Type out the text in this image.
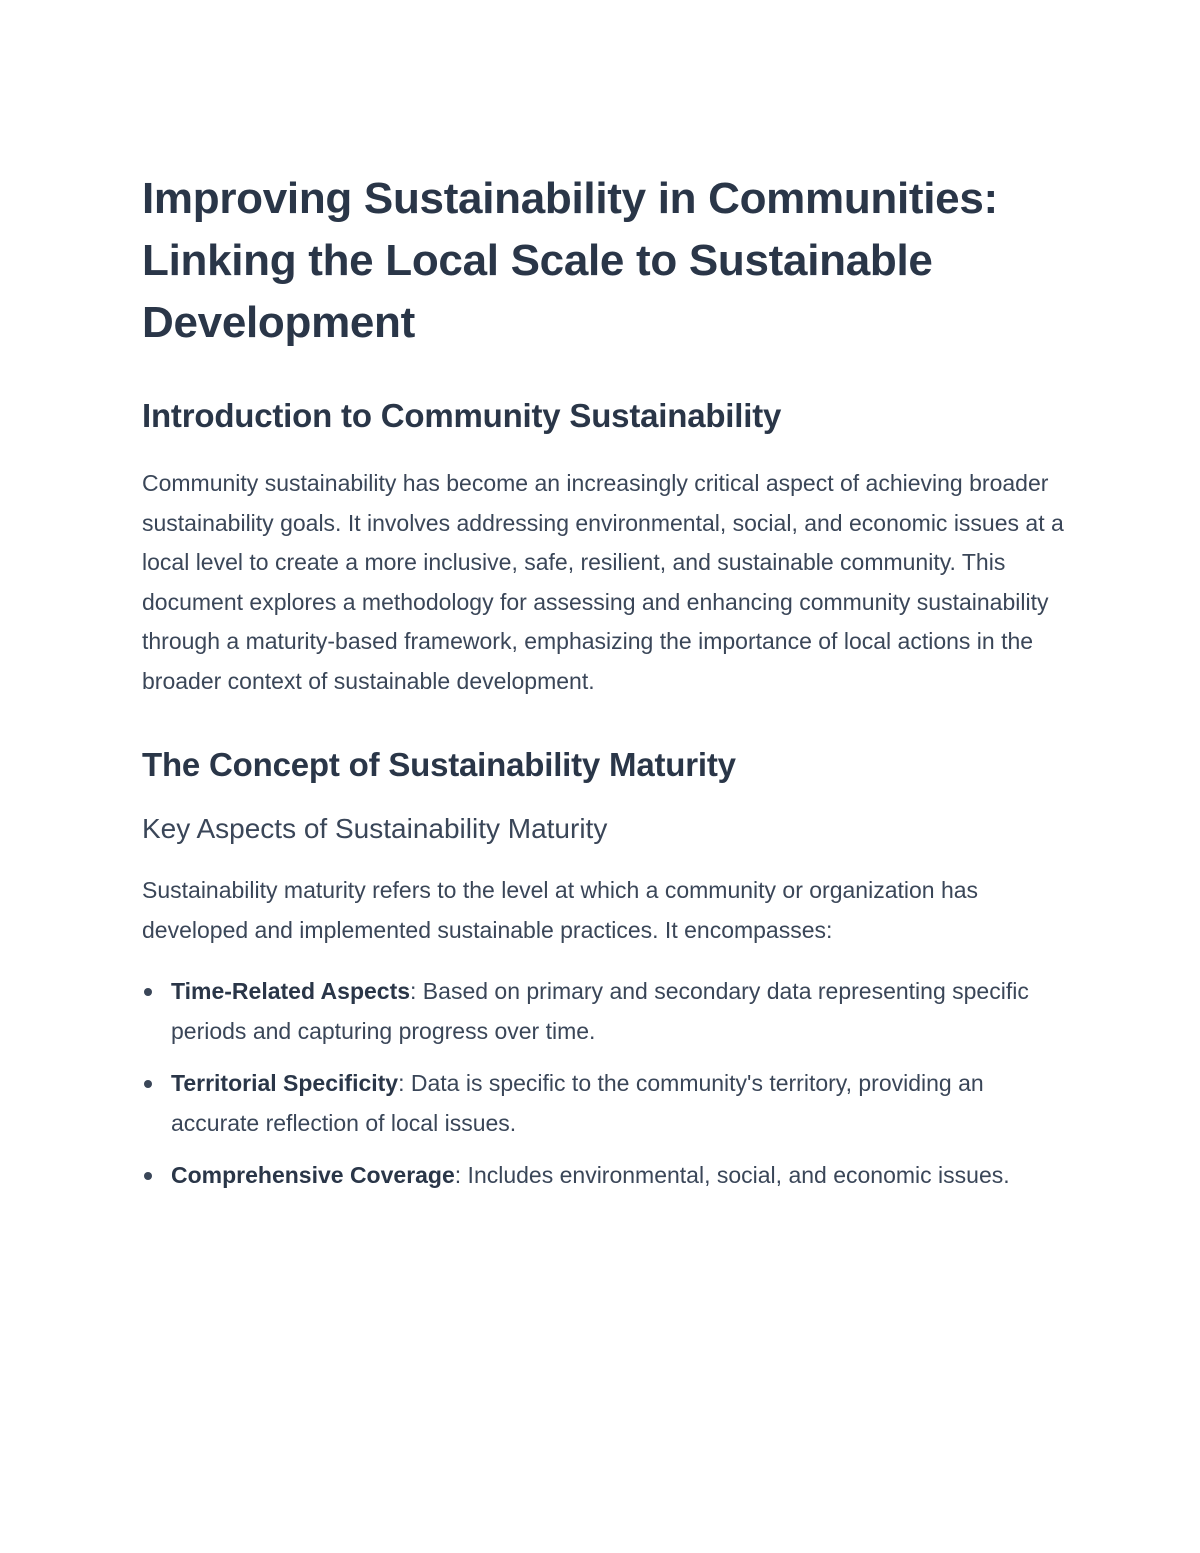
Improving Sustainability in Communities: Linking the Local Scale to Sustainable Development
Introduction to Community Sustainability

Community sustainability has become an increasingly critical aspect of achieving broader sustainability goals. It involves addressing environmental, social, and economic issues at a local level to create a more inclusive, safe, resilient, and sustainable community. This document explores a methodology for assessing and enhancing community sustainability through a maturity-based framework, emphasizing the importance of local actions in the broader context of sustainable development.

The Concept of Sustainability Maturity
Key Aspects of Sustainability Maturity

Sustainability maturity refers to the level at which a community or organization has developed and implemented sustainable practices. It encompasses:

Time-Related Aspects: Based on primary and secondary data representing specific periods and capturing progress over time.
Territorial Specificity: Data is specific to the community's territory, providing an accurate reflection of local issues.
Comprehensive Coverage: Includes environmental, social, and economic issues.
